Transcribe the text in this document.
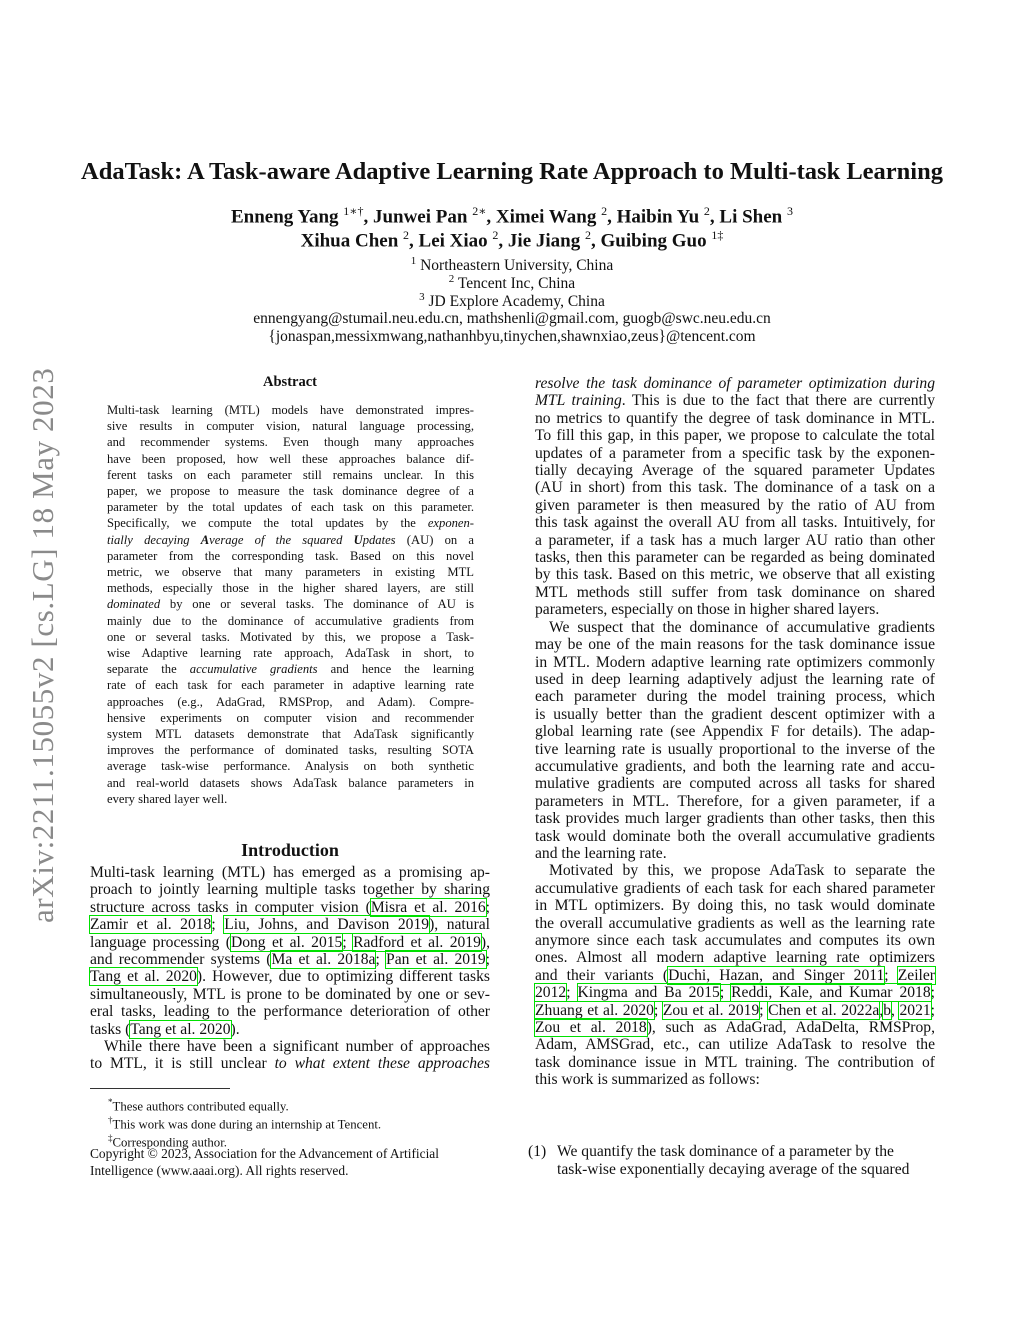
arXiv:2211.15055v2 [cs.LG] 18 May 2023
AdaTask: A Task-aware Adaptive Learning Rate Approach to Multi-task Learning
Enneng Yang $^{1∗\dagger}$, Junwei Pan $^{2∗}$, Ximei Wang $^2$, Haibin Yu $^2$, Li Shen $^3$
Xihua Chen $^2$, Lei Xiao $^2$, Jie Jiang $^2$, Guibing Guo $^{1\ddagger}$
$^1$ Northeastern University, China
$^2$ Tencent Inc, China
$^3$ JD Explore Academy, China
ennengyang@stumail.neu.edu.cn, mathshenli@gmail.com, guogb@swc.neu.edu.cn
{jonaspan,messixmwang,nathanhbyu,tinychen,shawnxiao,zeus}@tencent.com
Abstract
Multi-task learning (MTL) models have demonstrated impres-
sive results in computer vision, natural language processing,
and recommender systems. Even though many approaches
have been proposed, how well these approaches balance dif-
ferent tasks on each parameter still remains unclear. In this
paper, we propose to measure the task dominance degree of a
parameter by the total updates of each task on this parameter.
Specifically, we compute the total updates by the exponen-
tially decaying Average of the squared Updates (AU) on a
parameter from the corresponding task. Based on this novel
metric, we observe that many parameters in existing MTL
methods, especially those in the higher shared layers, are still
dominated by one or several tasks. The dominance of AU is
mainly due to the dominance of accumulative gradients from
one or several tasks. Motivated by this, we propose a Task-
wise Adaptive learning rate approach, AdaTask in short, to
separate the accumulative gradients and hence the learning
rate of each task for each parameter in adaptive learning rate
approaches (e.g., AdaGrad, RMSProp, and Adam). Compre-
hensive experiments on computer vision and recommender
system MTL datasets demonstrate that AdaTask significantly
improves the performance of dominated tasks, resulting SOTA
average task-wise performance. Analysis on both synthetic
and real-world datasets shows AdaTask balance parameters in
every shared layer well.
Introduction
Multi-task learning (MTL) has emerged as a promising ap-
proach to jointly learning multiple tasks together by sharing
structure across tasks in computer vision (Misra et al. 2016;
Zamir et al. 2018; Liu, Johns, and Davison 2019), natural
language processing (Dong et al. 2015; Radford et al. 2019),
and recommender systems (Ma et al. 2018a; Pan et al. 2019;
Tang et al. 2020). However, due to optimizing different tasks
simultaneously, MTL is prone to be dominated by one or sev-
eral tasks, leading to the performance deterioration of other
tasks (Tang et al. 2020).
While there have been a significant number of approaches
to MTL, it is still unclear to what extent these approaches
*These authors contributed equally.
†This work was done during an internship at Tencent.
‡Corresponding author.
Copyright © 2023, Association for the Advancement of Artificial
Intelligence (www.aaai.org). All rights reserved.
resolve the task dominance of parameter optimization during
MTL training. This is due to the fact that there are currently
no metrics to quantify the degree of task dominance in MTL.
To fill this gap, in this paper, we propose to calculate the total
updates of a parameter from a specific task by the exponen-
tially decaying Average of the squared parameter Updates
(AU in short) from this task. The dominance of a task on a
given parameter is then measured by the ratio of AU from
this task against the overall AU from all tasks. Intuitively, for
a parameter, if a task has a much larger AU ratio than other
tasks, then this parameter can be regarded as being dominated
by this task. Based on this metric, we observe that all existing
MTL methods still suffer from task dominance on shared
parameters, especially on those in higher shared layers.
We suspect that the dominance of accumulative gradients
may be one of the main reasons for the task dominance issue
in MTL. Modern adaptive learning rate optimizers commonly
used in deep learning adaptively adjust the learning rate of
each parameter during the model training process, which
is usually better than the gradient descent optimizer with a
global learning rate (see Appendix F for details). The adap-
tive learning rate is usually proportional to the inverse of the
accumulative gradients, and both the learning rate and accu-
mulative gradients are computed across all tasks for shared
parameters in MTL. Therefore, for a given parameter, if a
task provides much larger gradients than other tasks, then this
task would dominate both the overall accumulative gradients
and the learning rate.
Motivated by this, we propose AdaTask to separate the
accumulative gradients of each task for each shared parameter
in MTL optimizers. By doing this, no task would dominate
the overall accumulative gradients as well as the learning rate
anymore since each task accumulates and computes its own
ones. Almost all modern adaptive learning rate optimizers
and their variants (Duchi, Hazan, and Singer 2011; Zeiler
2012; Kingma and Ba 2015; Reddi, Kale, and Kumar 2018;
Zhuang et al. 2020; Zou et al. 2019; Chen et al. 2022a,b, 2021;
Zou et al. 2018), such as AdaGrad, AdaDelta, RMSProp,
Adam, AMSGrad, etc., can utilize AdaTask to resolve the
task dominance issue in MTL training. The contribution of
this work is summarized as follows:
(1) We quantify the task dominance of a parameter by the
task-wise exponentially decaying average of the squared
